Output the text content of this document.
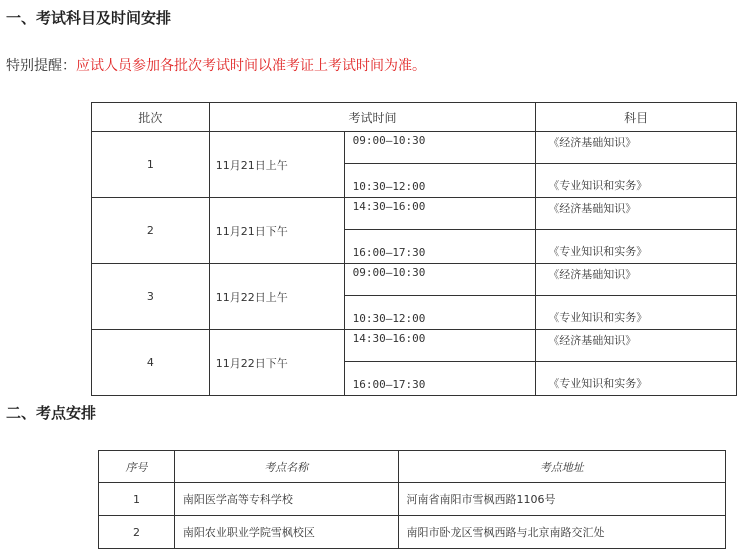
一、考试科目及时间安排
特别提醒：应试人员参加各批次考试时间以准考证上考试时间为准。
批次	考试时间		科目
1	11月21日上午	09:00—10:30	《经济基础知识》
		10:30—12:00	《专业知识和实务》
2	11月21日下午	14:30—16:00	《经济基础知识》
		16:00—17:30	《专业知识和实务》
3	11月22日上午	09:00—10:30	《经济基础知识》
		10:30—12:00	《专业知识和实务》
4	11月22日下午	14:30—16:00	《经济基础知识》
		16:00—17:30	《专业知识和实务》
二、考点安排
序号	考点名称	考点地址
1	南阳医学高等专科学校	河南省南阳市雪枫西路1106号
2	南阳农业职业学院雪枫校区	南阳市卧龙区雪枫西路与北京南路交汇处
